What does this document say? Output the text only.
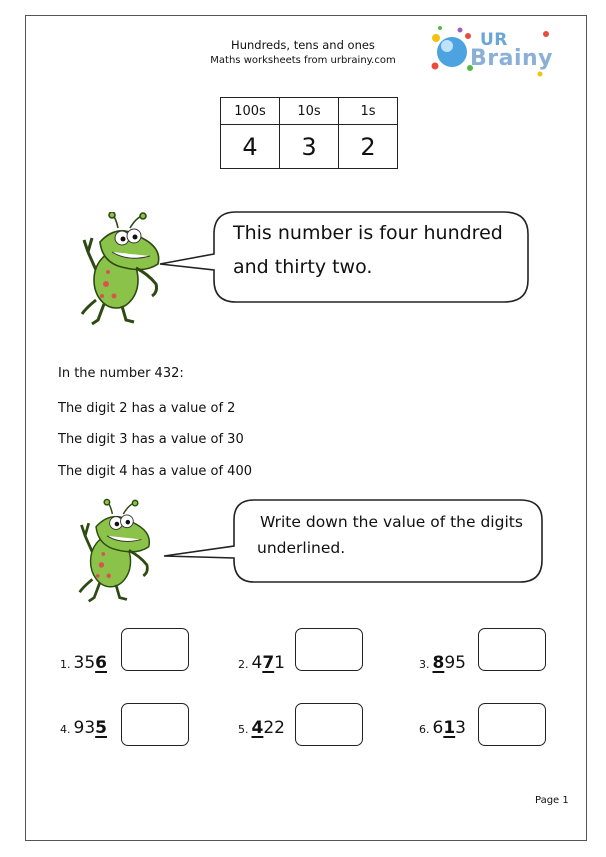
Hundreds, tens and ones
Maths worksheets from urbrainy.com
UR
Brainy
100s	10s	1s
4	3	2
This number is four hundred
and thirty two.
In the number 432:
The digit 2 has a value of 2
The digit 3 has a value of 30
The digit 4 has a value of 400
Write down the value of the digits
underlined.
1. 356	2. 471	3. 895
4. 935	5. 422	6. 613
Page 1
